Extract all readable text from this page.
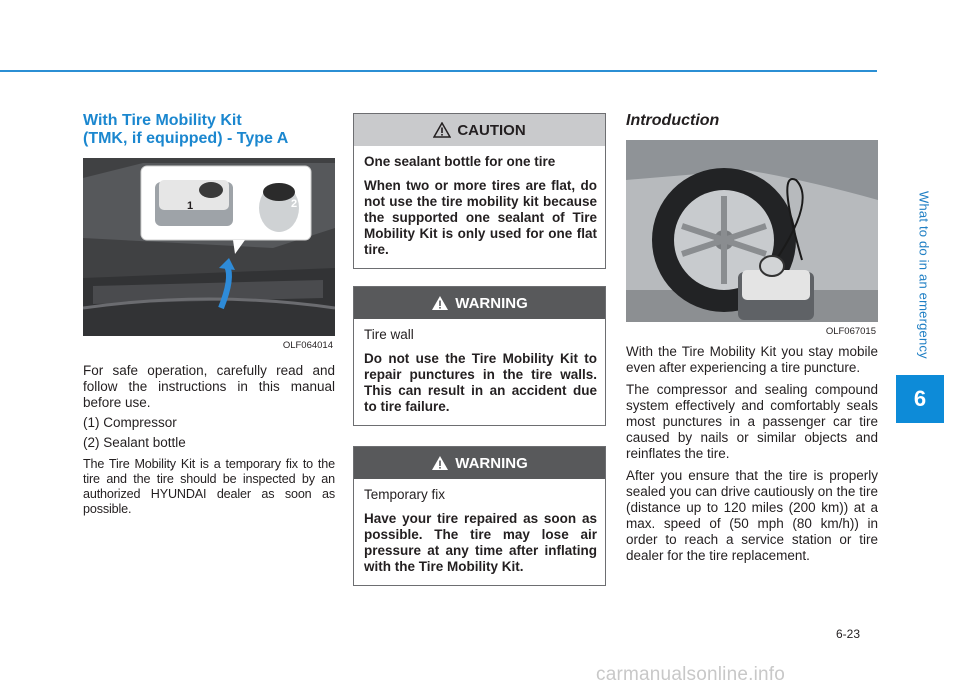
What to do in an emergency
6
With Tire Mobility Kit
(TMK, if equipped) - Type A
OLF064014
1	2

For safe operation, carefully read and follow the instructions in this manual before use.

(1) Compressor

(2) Sealant bottle

The Tire Mobility Kit is a temporary fix to the tire and the tire should be inspected by an authorized HYUNDAI dealer as soon as possible.

CAUTION

One sealant bottle for one tire

When two or more tires are flat, do not use the tire mobility kit because the supported one sealant of Tire Mobility Kit is only used for one flat tire.

WARNING

Tire wall

Do not use the Tire Mobility Kit to repair punctures in the tire walls. This can result in an accident due to tire failure.

WARNING

Temporary fix

Have your tire repaired as soon as possible. The tire may lose air pressure at any time after inflating with the Tire Mobility Kit.

Introduction
OLF067015

With the Tire Mobility Kit you stay mobile even after experiencing a tire puncture.

The compressor and sealing compound system effectively and comfortably seals most punctures in a passenger car tire caused by nails or similar objects and reinflates the tire.

After you ensure that the tire is properly sealed you can drive cautiously on the tire (distance up to 120 miles (200 km)) at a max. speed of (50 mph (80 km/h)) in order to reach a service station or tire dealer for the tire replacement.

6-23
carmanualsonline.info
